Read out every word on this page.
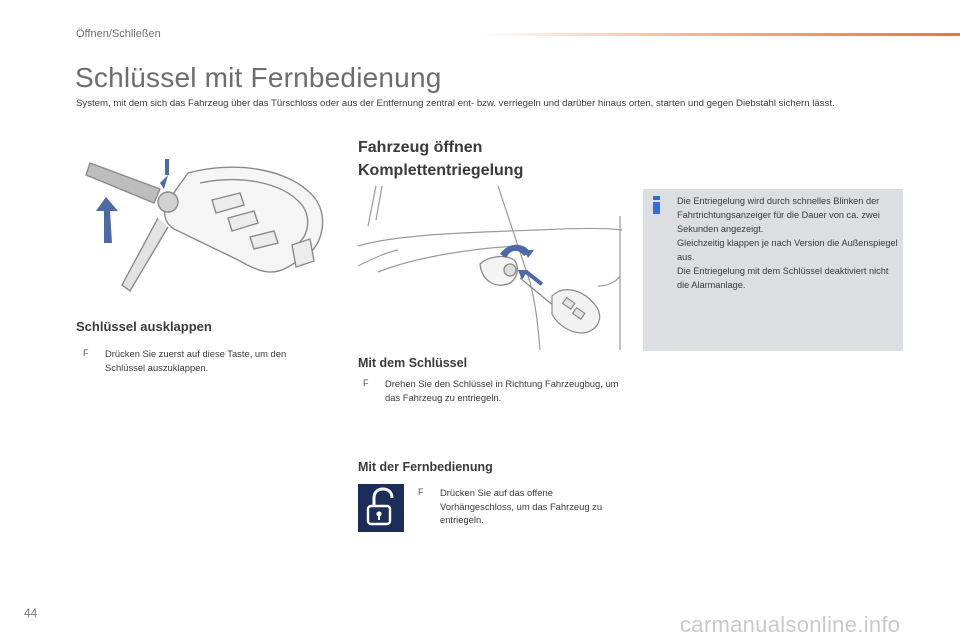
Öffnen/Schließen
Schlüssel mit Fernbedienung

System, mit dem sich das Fahrzeug über das Türschloss oder aus der Entfernung zentral ent- bzw. verriegeln und darüber hinaus orten, starten und gegen Diebstahl sichern lässt.

Schlüssel ausklappen
F Drücken Sie zuerst auf diese Taste, um den Schlüssel auszuklappen.
Fahrzeug öffnen
Komplettentriegelung
Die Entriegelung wird durch schnelles Blinken der Fahrtrichtungsanzeiger für die Dauer von ca. zwei Sekunden angezeigt.
Gleichzeitig klappen je nach Version die Außenspiegel aus.
Die Entriegelung mit dem Schlüssel deaktiviert nicht die Alarmanlage.
Mit dem Schlüssel
F Drehen Sie den Schlüssel in Richtung Fahrzeugbug, um das Fahrzeug zu entriegeln.
Mit der Fernbedienung
F Drücken Sie auf das offene Vorhängeschloss, um das Fahrzeug zu entriegeln.
44	carmanualsonline.info
